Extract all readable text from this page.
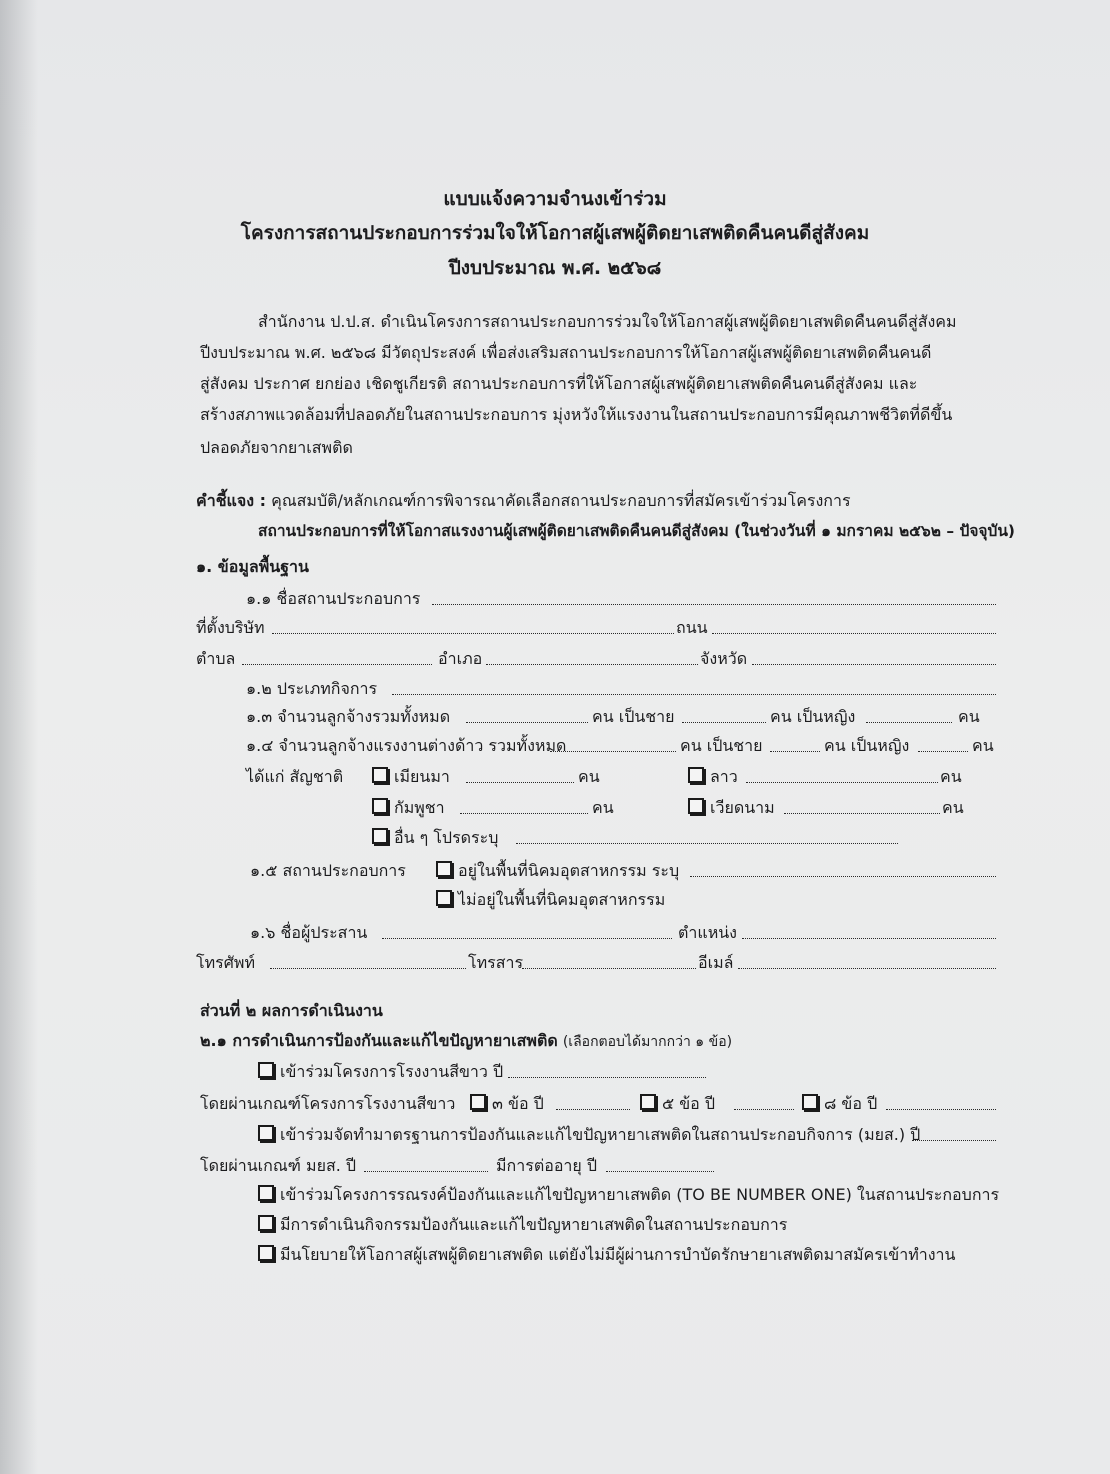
แบบแจ้งความจำนงเข้าร่วม
โครงการสถานประกอบการร่วมใจให้โอกาสผู้เสพผู้ติดยาเสพติดคืนคนดีสู่สังคม
ปีงบประมาณ พ.ศ. ๒๕๖๘
สำนักงาน ป.ป.ส. ดำเนินโครงการสถานประกอบการร่วมใจให้โอกาสผู้เสพผู้ติดยาเสพติดคืนคนดีสู่สังคม
ปีงบประมาณ พ.ศ. ๒๕๖๘ มีวัตถุประสงค์ เพื่อส่งเสริมสถานประกอบการให้โอกาสผู้เสพผู้ติดยาเสพติดคืนคนดี
สู่สังคม ประกาศ ยกย่อง เชิดชูเกียรติ สถานประกอบการที่ให้โอกาสผู้เสพผู้ติดยาเสพติดคืนคนดีสู่สังคม และ
สร้างสภาพแวดล้อมที่ปลอดภัยในสถานประกอบการ มุ่งหวังให้แรงงานในสถานประกอบการมีคุณภาพชีวิตที่ดีขึ้น
ปลอดภัยจากยาเสพติด
คำชี้แจง : คุณสมบัติ/หลักเกณฑ์การพิจารณาคัดเลือกสถานประกอบการที่สมัครเข้าร่วมโครงการ
สถานประกอบการที่ให้โอกาสแรงงานผู้เสพผู้ติดยาเสพติดคืนคนดีสู่สังคม (ในช่วงวันที่ ๑ มกราคม ๒๕๖๒ – ปัจจุบัน)
๑. ข้อมูลพื้นฐาน
๑.๑ ชื่อสถานประกอบการ
ที่ตั้งบริษัท	ถนน
ตำบล	อำเภอ	จังหวัด
๑.๒ ประเภทกิจการ
๑.๓ จำนวนลูกจ้างรวมทั้งหมด	คน เป็นชาย	คน เป็นหญิง	คน
๑.๔ จำนวนลูกจ้างแรงงานต่างด้าว รวมทั้งหมด	คน เป็นชาย	คน เป็นหญิง	คน
ได้แก่ สัญชาติ	เมียนมา	คน	ลาว	คน
กัมพูชา	คน	เวียดนาม	คน
อื่น ๆ โปรดระบุ
๑.๕ สถานประกอบการ	อยู่ในพื้นที่นิคมอุตสาหกรรม ระบุ
ไม่อยู่ในพื้นที่นิคมอุตสาหกรรม
๑.๖ ชื่อผู้ประสาน	ตำแหน่ง
โทรศัพท์	โทรสาร	อีเมล์
ส่วนที่ ๒ ผลการดำเนินงาน
๒.๑ การดำเนินการป้องกันและแก้ไขปัญหายาเสพติด (เลือกตอบได้มากกว่า ๑ ข้อ)
เข้าร่วมโครงการโรงงานสีขาว ปี
โดยผ่านเกณฑ์โครงการโรงงานสีขาว	๓ ข้อ ปี	๕ ข้อ ปี	๘ ข้อ ปี
เข้าร่วมจัดทำมาตรฐานการป้องกันและแก้ไขปัญหายาเสพติดในสถานประกอบกิจการ (มยส.) ปี
โดยผ่านเกณฑ์ มยส. ปี	มีการต่ออายุ ปี
เข้าร่วมโครงการรณรงค์ป้องกันและแก้ไขปัญหายาเสพติด (TO BE NUMBER ONE) ในสถานประกอบการ
มีการดำเนินกิจกรรมป้องกันและแก้ไขปัญหายาเสพติดในสถานประกอบการ
มีนโยบายให้โอกาสผู้เสพผู้ติดยาเสพติด แต่ยังไม่มีผู้ผ่านการบำบัดรักษายาเสพติดมาสมัครเข้าทำงาน
